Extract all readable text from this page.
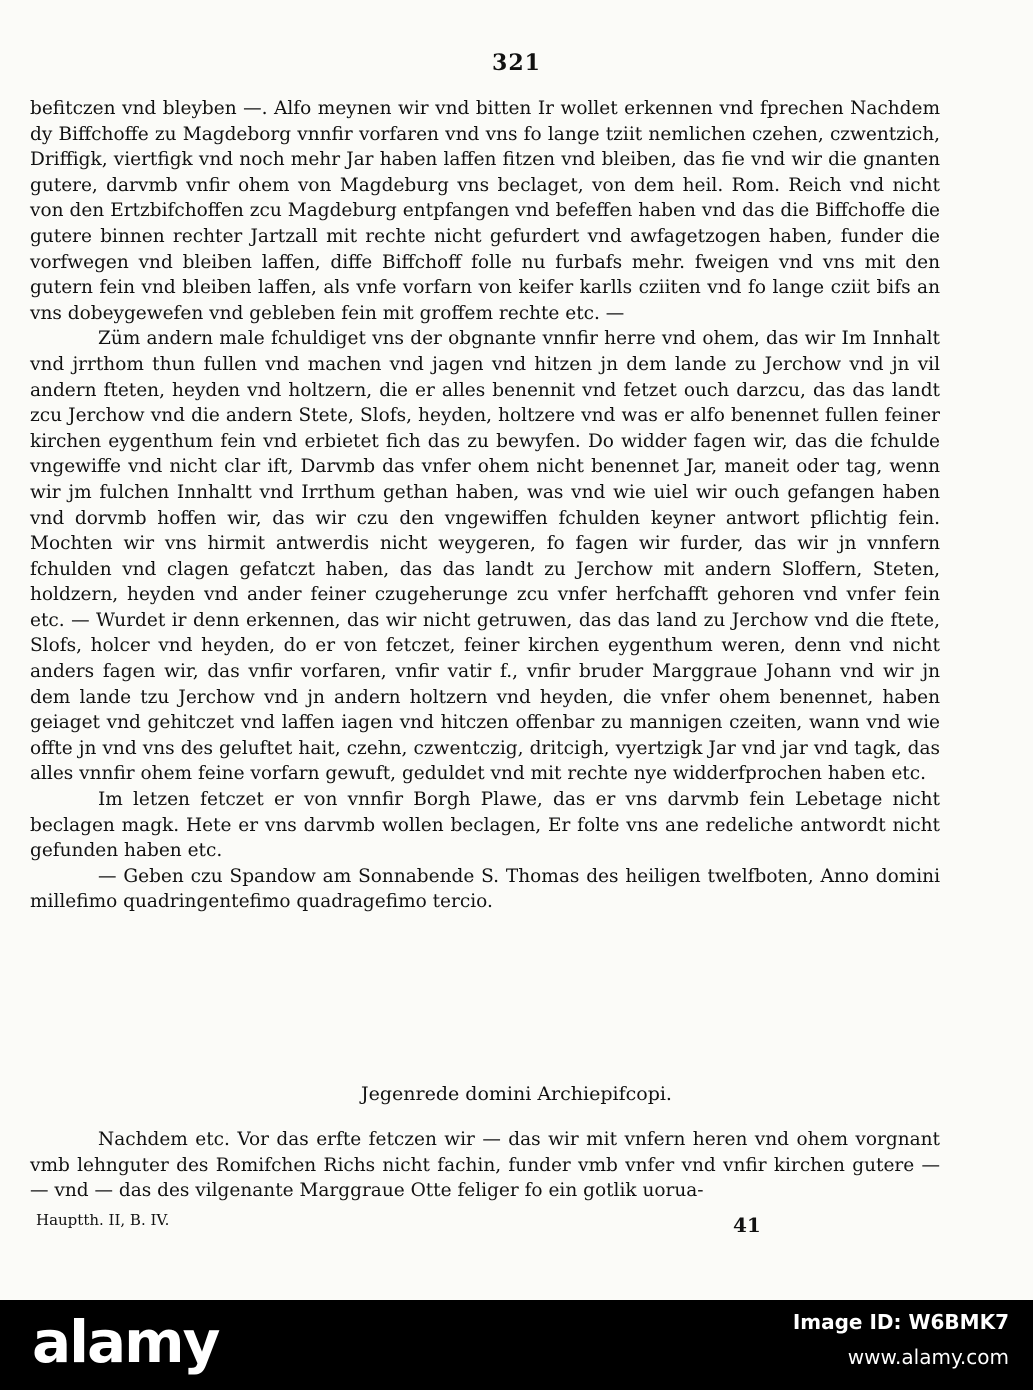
321

befitczen vnd bleyben —. Alfo meynen wir vnd bitten Ir wollet erkennen vnd fprechen Nachdem dy Biffchoffe zu Magdeborg vnnfir vorfaren vnd vns fo lange tziit nemlichen czehen, czwentzich, Driffigk, viertfigk vnd noch mehr Jar haben laffen fitzen vnd bleiben, das fie vnd wir die gnanten gutere, darvmb vnfir ohem von Magdeburg vns beclaget, von dem heil. Rom. Reich vnd nicht von den Ertzbifchoffen zcu Magdeburg entpfangen vnd befeffen haben vnd das die Biffchoffe die gutere binnen rechter Jartzall mit rechte nicht gefurdert vnd awfagetzogen haben, funder die vorfwegen vnd bleiben laffen, diffe Biffchoff folle nu furbafs mehr. fweigen vnd vns mit den gutern fein vnd bleiben laffen, als vnfe vorfarn von keifer karlls cziiten vnd fo lange cziit bifs an vns dobeygewefen vnd gebleben fein mit groffem rechte etc. —

Züm andern male fchuldiget vns der obgnante vnnfir herre vnd ohem, das wir Im Innhalt vnd jrrthom thun fullen vnd machen vnd jagen vnd hitzen jn dem lande zu Jerchow vnd jn vil andern fteten, heyden vnd holtzern, die er alles benennit vnd fetzet ouch darzcu, das das landt zcu Jerchow vnd die andern Stete, Slofs, heyden, holtzere vnd was er alfo benennet fullen feiner kirchen eygenthum fein vnd erbietet fich das zu bewyfen. Do widder fagen wir, das die fchulde vngewiffe vnd nicht clar ift, Darvmb das vnfer ohem nicht benennet Jar, maneit oder tag, wenn wir jm fulchen Innhaltt vnd Irrthum gethan haben, was vnd wie uiel wir ouch gefangen haben vnd dorvmb hoffen wir, das wir czu den vngewiffen fchulden keyner antwort pflichtig fein. Mochten wir vns hirmit antwerdis nicht weygeren, fo fagen wir furder, das wir jn vnnfern fchulden vnd clagen gefatczt haben, das das landt zu Jerchow mit andern Sloffern, Steten, holdzern, heyden vnd ander feiner czugeherunge zcu vnfer herfchafft gehoren vnd vnfer fein etc. — Wurdet ir denn erkennen, das wir nicht getruwen, das das land zu Jerchow vnd die ftete, Slofs, holcer vnd heyden, do er von fetczet, feiner kirchen eygenthum weren, denn vnd nicht anders fagen wir, das vnfir vorfaren, vnfir vatir f., vnfir bruder Marggraue Johann vnd wir jn dem lande tzu Jerchow vnd jn andern holtzern vnd heyden, die vnfer ohem benennet, haben geiaget vnd gehitczet vnd laffen iagen vnd hitczen offenbar zu mannigen czeiten, wann vnd wie offte jn vnd vns des geluftet hait, czehn, czwentczig, dritcigh, vyertzigk Jar vnd jar vnd tagk, das alles vnnfir ohem feine vorfarn gewuft, geduldet vnd mit rechte nye widderfprochen haben etc.

Im letzen fetczet er von vnnfir Borgh Plawe, das er vns darvmb fein Lebetage nicht beclagen magk. Hete er vns darvmb wollen beclagen, Er folte vns ane redeliche antwordt nicht gefunden haben etc.

— Geben czu Spandow am Sonnabende S. Thomas des heiligen twelfboten, Anno domini millefimo quadringentefimo quadragefimo tercio.

Jegenrede domini Archiepifcopi.

Nachdem etc. Vor das erfte fetczen wir — das wir mit vnfern heren vnd ohem vorgnant vmb lehnguter des Romifchen Richs nicht fachin, funder vmb vnfer vnd vnfir kirchen gutere — — vnd — das des vilgenante Marggraue Otte feliger fo ein gotlik uorua-

Hauptth. II, B. IV.	41
alamy	Image ID: W6BMK7
www.alamy.com
